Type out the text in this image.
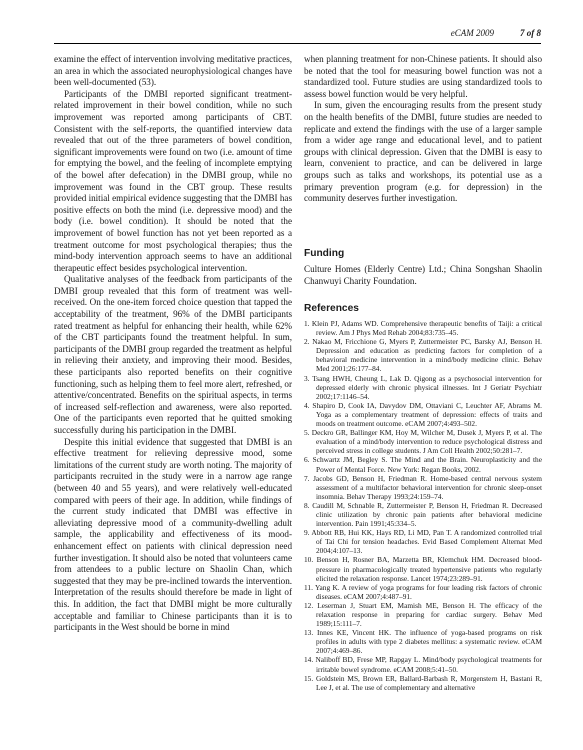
eCAM 2009	7 of 8

examine the effect of intervention involving meditative practices, an area in which the associated neurophysiological changes have been well-documented (53).

Participants of the DMBI reported significant treatment-related improvement in their bowel condition, while no such improvement was reported among participants of CBT. Consistent with the self-reports, the quantified interview data revealed that out of the three parameters of bowel condition, significant improvements were found on two (i.e. amount of time for emptying the bowel, and the feeling of incomplete emptying of the bowel after defecation) in the DMBI group, while no improvement was found in the CBT group. These results provided initial empirical evidence suggesting that the DMBI has positive effects on both the mind (i.e. depressive mood) and the body (i.e. bowel condition). It should be noted that the improvement of bowel function has not yet been reported as a treatment outcome for most psychological therapies; thus the mind-body intervention approach seems to have an additional therapeutic effect besides psychological intervention.

Qualitative analyses of the feedback from participants of the DMBI group revealed that this form of treatment was well-received. On the one-item forced choice question that tapped the acceptability of the treatment, 96% of the DMBI participants rated treatment as helpful for enhancing their health, while 62% of the CBT participants found the treatment helpful. In sum, participants of the DMBI group regarded the treatment as helpful in relieving their anxiety, and improving their mood. Besides, these participants also reported benefits on their cognitive functioning, such as helping them to feel more alert, refreshed, or attentive/concentrated. Benefits on the spiritual aspects, in terms of increased self-reflection and awareness, were also reported. One of the participants even reported that he quitted smoking successfully during his participation in the DMBI.

Despite this initial evidence that suggested that DMBI is an effective treatment for relieving depressive mood, some limitations of the current study are worth noting. The majority of participants recruited in the study were in a narrow age range (between 40 and 55 years), and were relatively well-educated compared with peers of their age. In addition, while findings of the current study indicated that DMBI was effective in alleviating depressive mood of a community-dwelling adult sample, the applicability and effectiveness of its mood-enhancement effect on patients with clinical depression need further investigation. It should also be noted that volunteers came from attendees to a public lecture on Shaolin Chan, which suggested that they may be pre-inclined towards the intervention. Interpretation of the results should therefore be made in light of this. In addition, the fact that DMBI might be more culturally acceptable and familiar to Chinese participants than it is to participants in the West should be borne in mind

when planning treatment for non-Chinese patients. It should also be noted that the tool for measuring bowel function was not a standardized tool. Future studies are using standardized tools to assess bowel function would be very helpful.

In sum, given the encouraging results from the present study on the health benefits of the DMBI, future studies are needed to replicate and extend the findings with the use of a larger sample from a wider age range and educational level, and to patient groups with clinical depression. Given that the DMBI is easy to learn, convenient to practice, and can be delivered in large groups such as talks and workshops, its potential use as a primary prevention program (e.g. for depression) in the community deserves further investigation.

Funding

Culture Homes (Elderly Centre) Ltd.; China Songshan Shaolin Chanwuyi Charity Foundation.

References
1. Klein PJ, Adams WD. Comprehensive therapeutic benefits of Taiji: a critical review. Am J Phys Med Rehab 2004;83:735–45.
2. Nakao M, Fricchione G, Myers P, Zuttermeister PC, Barsky AJ, Benson H. Depression and education as predicting factors for completion of a behavioral medicine intervention in a mind/body medicine clinic. Behav Med 2001;26:177–84.
3. Tsang HWH, Cheung L, Lak D. Qigong as a psychosocial intervention for depressed elderly with chronic physical illnesses. Int J Geriatr Psychiatr 2002;17:1146–54.
4. Shapiro D, Cook IA, Davydov DM, Ottaviani C, Leuchter AF, Abrams M. Yoga as a complementary treatment of depression: effects of traits and moods on treatment outcome. eCAM 2007;4:493–502.
5. Deckro GR, Ballinger KM, Hoy M, Wilcher M, Dusek J, Myers P, et al. The evaluation of a mind/body intervention to reduce psychological distress and perceived stress in college students. J Am Coll Health 2002;50:281–7.
6. Schwartz JM, Begley S. The Mind and the Brain. Neuroplasticity and the Power of Mental Force. New York: Regan Books, 2002.
7. Jacobs GD, Benson H, Friedman R. Home-based central nervous system assessment of a multifactor behavioral intervention for chronic sleep-onset insomnia. Behav Therapy 1993;24:159–74.
8. Caudill M, Schnable R, Zuttermeister P, Benson H, Friedman R. Decreased clinic utilization by chronic pain patients after behavioral medicine intervention. Pain 1991;45:334–5.
9. Abbott RB, Hui KK, Hays RD, Li MD, Pan T. A randomized controlled trial of Tai Chi for tension headaches. Evid Based Complement Alternat Med 2004;4:107–13.
10. Benson H, Rosner BA, Marzetta BR, Klemchuk HM. Decreased blood-pressure in pharmacologically treated hypertensive patients who regularly elicited the relaxation response. Lancet 1974;23:289–91.
11. Yang K. A review of yoga programs for four leading risk factors of chronic diseases. eCAM 2007;4:487–91.
12. Leserman J, Stuart EM, Mamish ME, Benson H. The efficacy of the relaxation response in preparing for cardiac surgery. Behav Med 1989;15:111–7.
13. Innes KE, Vincent HK. The influence of yoga-based programs on risk profiles in adults with type 2 diabetes mellitus: a systematic review. eCAM 2007;4:469–86.
14. Naliboff BD, Frese MP, Rapgay L. Mind/body psychological treatments for irritable bowel syndrome. eCAM 2008;5:41–50.
15. Goldstein MS, Brown ER, Ballard-Barbash R, Morgenstern H, Bastani R, Lee J, et al. The use of complementary and alternative
